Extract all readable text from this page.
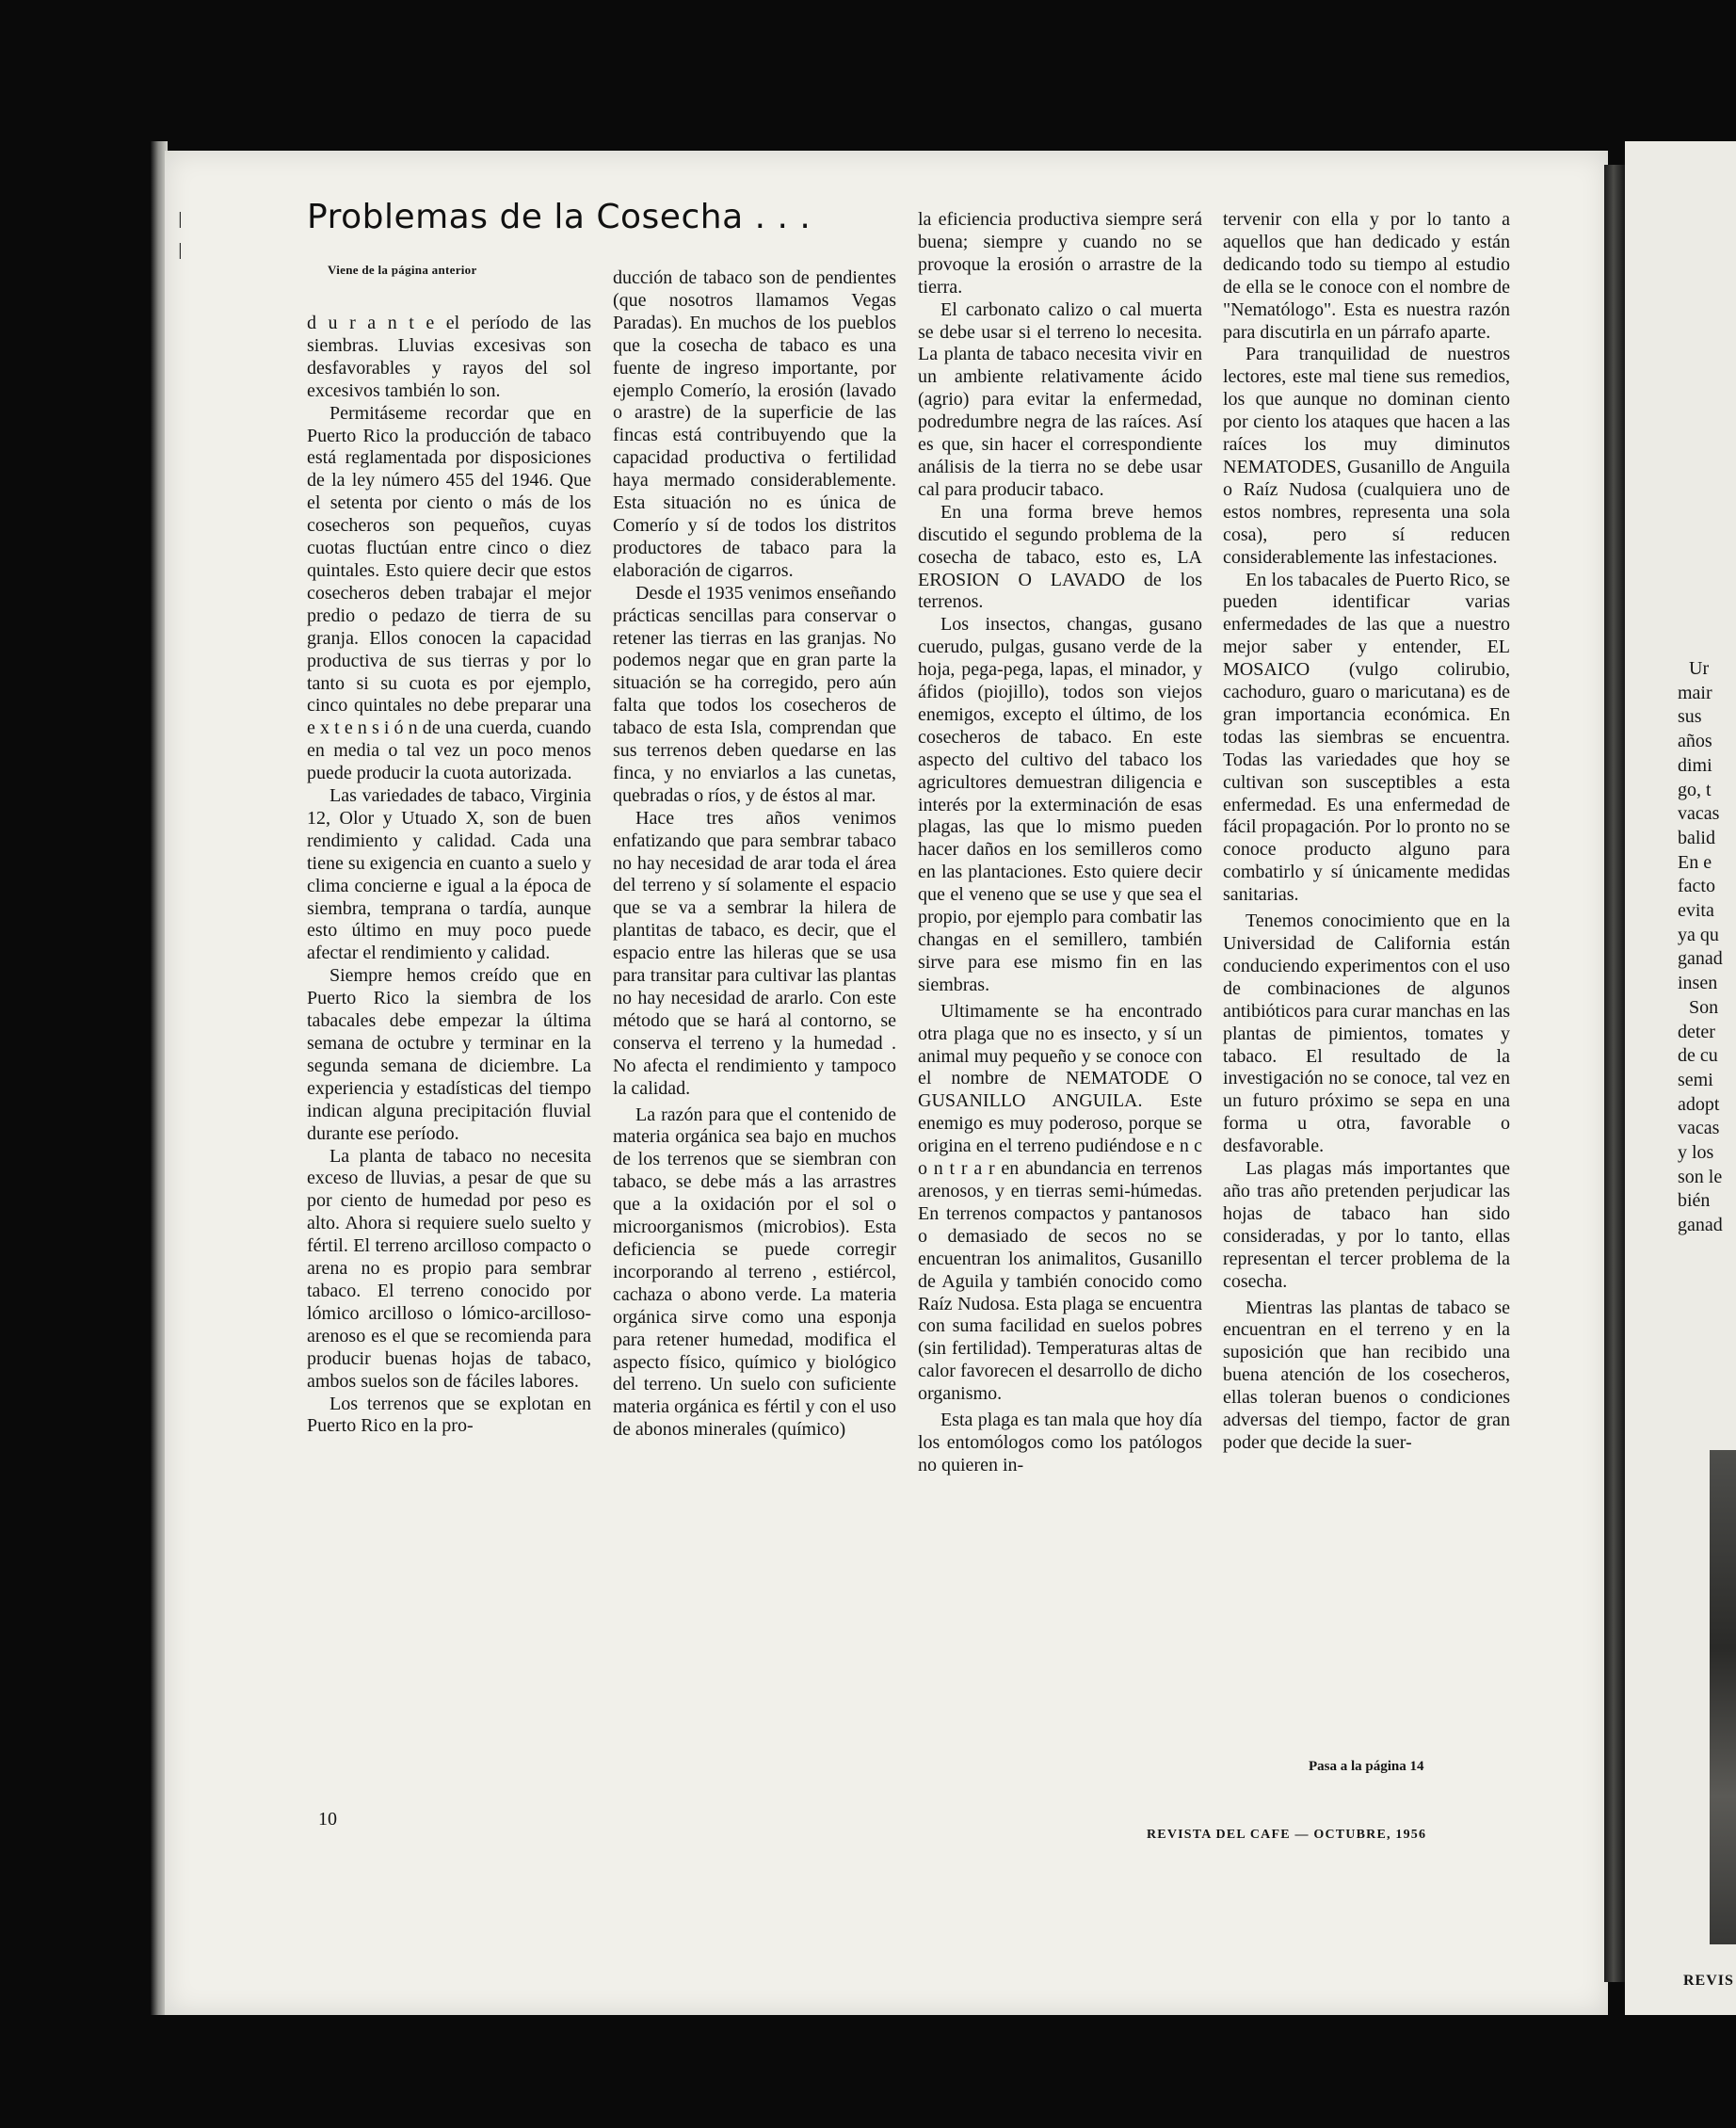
ǀ
ǀ
Problemas de la Cosecha . . .
Viene de la página anterior

d u r a n t e el período de las siembras. Lluvias excesivas son desfavorables y rayos del sol excesivos también lo son.

Permitáseme recordar que en Puerto Rico la producción de tabaco está reglamentada por disposiciones de la ley número 455 del 1946. Que el setenta por ciento o más de los cosecheros son pequeños, cuyas cuotas fluctúan entre cinco o diez quintales. Esto quiere decir que estos cosecheros deben trabajar el mejor predio o pedazo de tierra de su granja. Ellos conocen la capacidad productiva de sus tierras y por lo tanto si su cuota es por ejemplo, cinco quintales no debe preparar una e x t e n s i ó n de una cuerda, cuando en media o tal vez un poco menos puede producir la cuota autorizada.

Las variedades de tabaco, Virginia 12, Olor y Utuado X, son de buen rendimiento y calidad. Cada una tiene su exigencia en cuanto a suelo y clima concierne e igual a la época de siembra, temprana o tardía, aunque esto último en muy poco puede afectar el rendimiento y calidad.

Siempre hemos creído que en Puerto Rico la siembra de los tabacales debe empezar la última semana de octubre y terminar en la segunda semana de diciembre. La experiencia y estadísticas del tiempo indican alguna precipitación fluvial durante ese período.

La planta de tabaco no necesita exceso de lluvias, a pesar de que su por ciento de humedad por peso es alto. Ahora si requiere suelo suelto y fértil. El terreno arcilloso compacto o arena no es propio para sembrar tabaco. El terreno conocido por lómico arcilloso o lómico-arcilloso-arenoso es el que se recomienda para producir buenas hojas de tabaco, ambos suelos son de fáciles labores.

Los terrenos que se explotan en Puerto Rico en la pro-

ducción de tabaco son de pendientes (que nosotros llamamos Vegas Paradas). En muchos de los pueblos que la cosecha de tabaco es una fuente de ingreso importante, por ejemplo Comerío, la erosión (lavado o arastre) de la superficie de las fincas está contribuyendo que la capacidad productiva o fertilidad haya mermado considerablemente. Esta situación no es única de Comerío y sí de todos los distritos productores de tabaco para la elaboración de cigarros.

Desde el 1935 venimos enseñando prácticas sencillas para conservar o retener las tierras en las granjas. No podemos negar que en gran parte la situación se ha corregido, pero aún falta que todos los cosecheros de tabaco de esta Isla, comprendan que sus terrenos deben quedarse en las finca, y no enviarlos a las cunetas, quebradas o ríos, y de éstos al mar.

Hace tres años venimos enfatizando que para sembrar tabaco no hay necesidad de arar toda el área del terreno y sí solamente el espacio que se va a sembrar la hilera de plantitas de tabaco, es decir, que el espacio entre las hileras que se usa para transitar para cultivar las plantas no hay necesidad de ararlo. Con este método que se hará al contorno, se conserva el terreno y la humedad . No afecta el rendimiento y tampoco la calidad.

La razón para que el contenido de materia orgánica sea bajo en muchos de los terrenos que se siembran con tabaco, se debe más a las arrastres que a la oxidación por el sol o microorganismos (microbios). Esta deficiencia se puede corregir incorporando al terreno , estiércol, cachaza o abono verde. La materia orgánica sirve como una esponja para retener humedad, modifica el aspecto físico, químico y biológico del terreno. Un suelo con suficiente materia orgánica es fértil y con el uso de abonos minerales (químico)

la eficiencia productiva siempre será buena; siempre y cuando no se provoque la erosión o arrastre de la tierra.

El carbonato calizo o cal muerta se debe usar si el terreno lo necesita. La planta de tabaco necesita vivir en un ambiente relativamente ácido (agrio) para evitar la enfermedad, podredumbre negra de las raíces. Así es que, sin hacer el correspondiente análisis de la tierra no se debe usar cal para producir tabaco.

En una forma breve hemos discutido el segundo problema de la cosecha de tabaco, esto es, LA EROSION O LAVADO de los terrenos.

Los insectos, changas, gusano cuerudo, pulgas, gusano verde de la hoja, pega-pega, lapas, el minador, y áfidos (piojillo), todos son viejos enemigos, excepto el último, de los cosecheros de tabaco. En este aspecto del cultivo del tabaco los agricultores demuestran diligencia e interés por la exterminación de esas plagas, las que lo mismo pueden hacer daños en los semilleros como en las plantaciones. Esto quiere decir que el veneno que se use y que sea el propio, por ejemplo para combatir las changas en el semillero, también sirve para ese mismo fin en las siembras.

Ultimamente se ha encontrado otra plaga que no es insecto, y sí un animal muy pequeño y se conoce con el nombre de NEMATODE O GUSANILLO ANGUILA. Este enemigo es muy poderoso, porque se origina en el terreno pudiéndose e n c o n t r a r en abundancia en terrenos arenosos, y en tierras semi-húmedas. En terrenos compactos y pantanosos o demasiado de secos no se encuentran los animalitos, Gusanillo de Aguila y también conocido como Raíz Nudosa. Esta plaga se encuentra con suma facilidad en suelos pobres (sin fertilidad). Temperaturas altas de calor favorecen el desarrollo de dicho organismo.

Esta plaga es tan mala que hoy día los entomólogos como los patólogos no quieren in-

tervenir con ella y por lo tanto a aquellos que han dedicado y están dedicando todo su tiempo al estudio de ella se le conoce con el nombre de "Nematólogo". Esta es nuestra razón para discutirla en un párrafo aparte.

Para tranquilidad de nuestros lectores, este mal tiene sus remedios, los que aunque no dominan ciento por ciento los ataques que hacen a las raíces los muy diminutos NEMATODES, Gusanillo de Anguila o Raíz Nudosa (cualquiera uno de estos nombres, representa una sola cosa), pero sí reducen considerablemente las infestaciones.

En los tabacales de Puerto Rico, se pueden identificar varias enfermedades de las que a nuestro mejor saber y entender, EL MOSAICO (vulgo colirubio, cachoduro, guaro o maricutana) es de gran importancia económica. En todas las siembras se encuentra. Todas las variedades que hoy se cultivan son susceptibles a esta enfermedad. Es una enfermedad de fácil propagación. Por lo pronto no se conoce producto alguno para combatirlo y sí únicamente medidas sanitarias.

Tenemos conocimiento que en la Universidad de California están conduciendo experimentos con el uso de combinaciones de algunos antibióticos para curar manchas en las plantas de pimientos, tomates y tabaco. El resultado de la investigación no se conoce, tal vez en un futuro próximo se sepa en una forma u otra, favorable o desfavorable.

Las plagas más importantes que año tras año pretenden perjudicar las hojas de tabaco han sido consideradas, y por lo tanto, ellas representan el tercer problema de la cosecha.

Mientras las plantas de tabaco se encuentran en el terreno y en la suposición que han recibido una buena atención de los cosecheros, ellas toleran buenos o condiciones adversas del tiempo, factor de gran poder que decide la suer-

Pasa a la página 14
10
REVISTA DEL CAFE — OCTUBRE, 1956
Ur
mair
sus
años
dimi
go, t
vacas
balid
En e
facto
evita
ya qu
ganad
insen
Son
deter
de cu
semi
adopt
vacas
y los
son le
bién
ganad
REVIS
